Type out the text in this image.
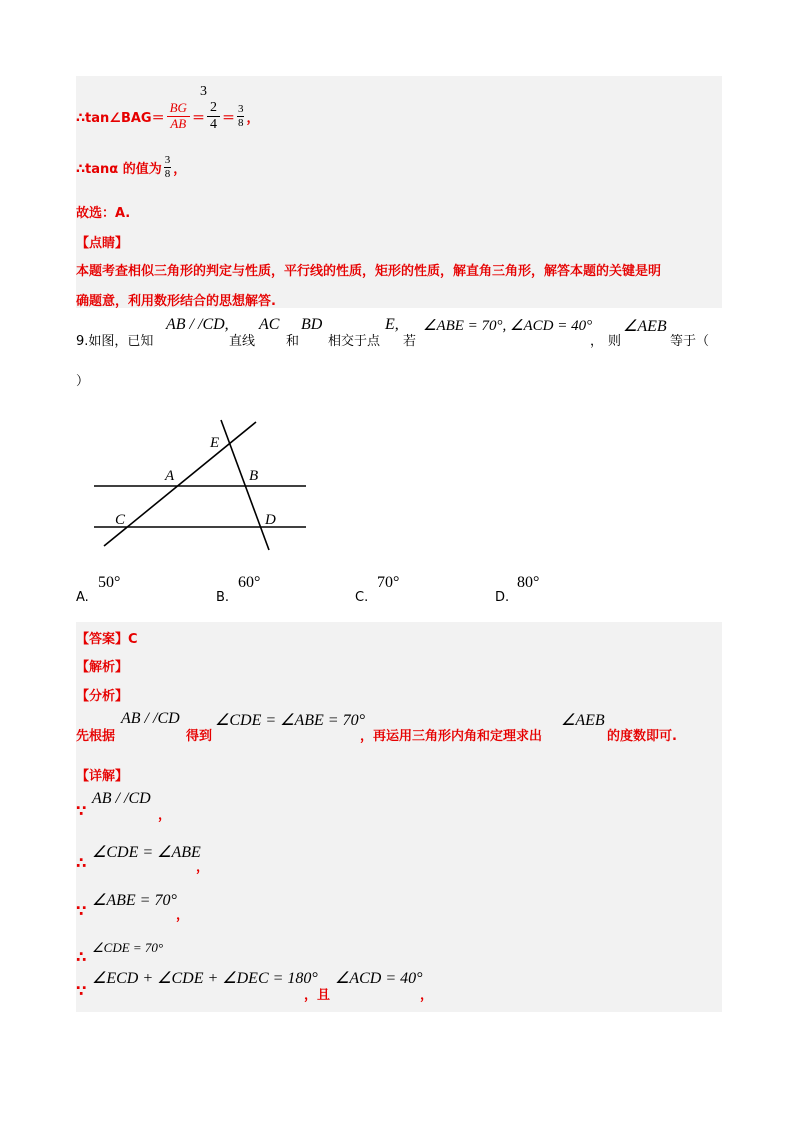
3
∴tan∠BAG＝ $\frac{BG}{AB} = \frac{2}{4} = \frac{3}{8}$ ，
∴tanα 的值为 $\frac{3}{8}$ ，
故选：A.
【点睛】
本题考查相似三角形的判定与性质，平行线的性质，矩形的性质，解直角三角形，解答本题的关键是明
确题意，利用数形结合的思想解答.
9.如图，已知
AB / /CD,
直线
AC
和
BD
相交于点
E,
若
∠ABE = 70°, ∠ACD = 40°
， 则
∠AEB
等于（
）
E
A	B
C	D
A.
50°
B.
60°
C.
70°
D.
80°
【答案】C
【解析】
【分析】
先根据
AB / /CD
得到
∠CDE = ∠ABE = 70°
，再运用三角形内角和定理求出
∠AEB
的度数即可.
【详解】
∵
AB / /CD
，
∴
∠CDE = ∠ABE
，
∵
∠ABE = 70°
，
∴
∠CDE = 70°
∵
∠ECD + ∠CDE + ∠DEC = 180°
，且
∠ACD = 40°
，
